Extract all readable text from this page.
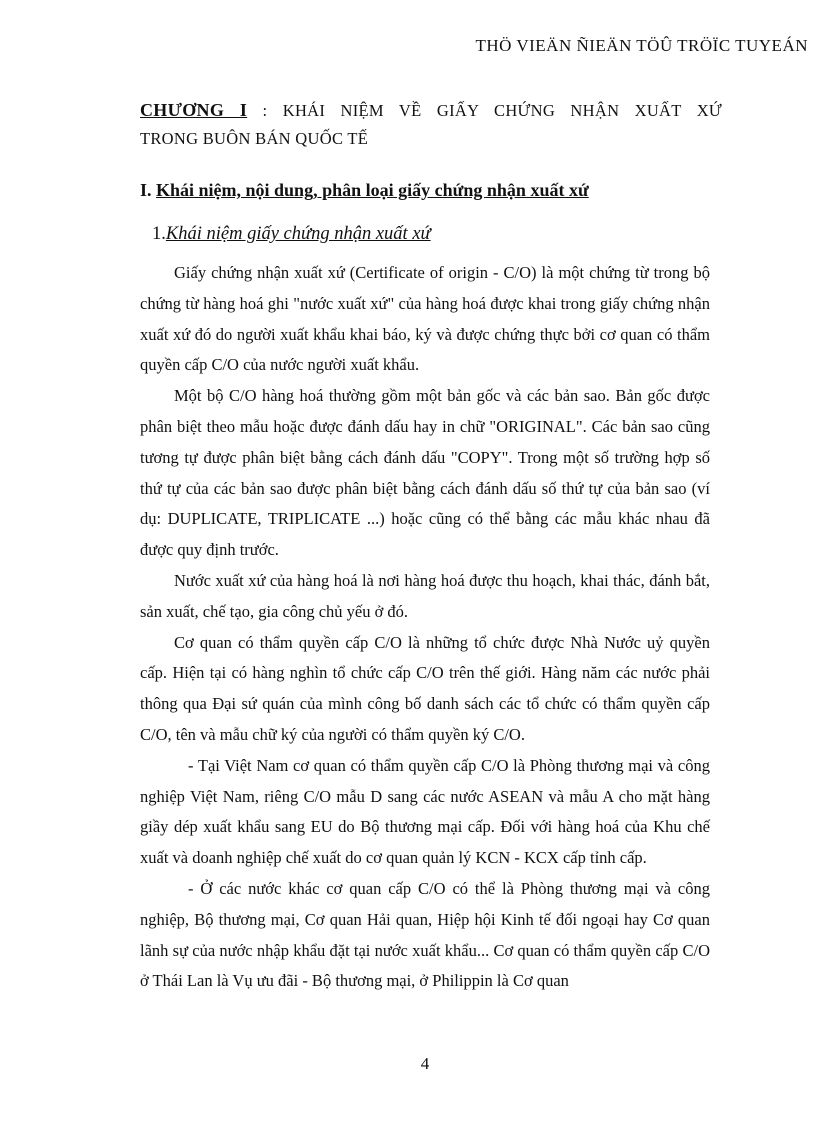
THÖ VIEÄN ÑIEÄN TÖÛ TRÖÏC TUYEÁN
CHƯƠNG I : KHÁI NIỆM VỀ GIẤY CHỨNG NHẬN XUẤT XỨ
TRONG BUÔN BÁN QUỐC TẾ
I. Khái niệm, nội dung, phân loại giấy chứng nhận xuất xứ
1.Khái niệm giấy chứng nhận xuất xứ

Giấy chứng nhận xuất xứ (Certificate of origin - C/O) là một chứng từ trong bộ chứng từ hàng hoá ghi "nước xuất xứ" của hàng hoá được khai trong giấy chứng nhận xuất xứ đó do người xuất khẩu khai báo, ký và được chứng thực bởi cơ quan có thẩm quyền cấp C/O của nước người xuất khẩu.

Một bộ C/O hàng hoá thường gồm một bản gốc và các bản sao. Bản gốc được phân biệt theo mẫu hoặc được đánh dấu hay in chữ "ORIGINAL". Các bản sao cũng tương tự được phân biệt bằng cách đánh dấu "COPY". Trong một số trường hợp số thứ tự của các bản sao được phân biệt bằng cách đánh dấu số thứ tự của bản sao (ví dụ: DUPLICATE, TRIPLICATE ...) hoặc cũng có thể bằng các mẫu khác nhau đã được quy định trước.

Nước xuất xứ của hàng hoá là nơi hàng hoá được thu hoạch, khai thác, đánh bắt, sản xuất, chế tạo, gia công chủ yếu ở đó.

Cơ quan có thẩm quyền cấp C/O là những tổ chức được Nhà Nước uỷ quyền cấp. Hiện tại có hàng nghìn tổ chức cấp C/O trên thế giới. Hàng năm các nước phải thông qua Đại sứ quán của mình công bố danh sách các tổ chức có thẩm quyền cấp C/O, tên và mẫu chữ ký của người có thẩm quyền ký C/O.

- Tại Việt Nam cơ quan có thẩm quyền cấp C/O là Phòng thương mại và công nghiệp Việt Nam, riêng C/O mẫu D sang các nước ASEAN và mẫu A cho mặt hàng giầy dép xuất khẩu sang EU do Bộ thương mại cấp. Đối với hàng hoá của Khu chế xuất và doanh nghiệp chế xuất do cơ quan quản lý KCN - KCX cấp tỉnh cấp.

- Ở các nước khác cơ quan cấp C/O có thể là Phòng thương mại và công nghiệp, Bộ thương mại, Cơ quan Hải quan, Hiệp hội Kinh tế đối ngoại hay Cơ quan lãnh sự của nước nhập khẩu đặt tại nước xuất khẩu... Cơ quan có thẩm quyền cấp C/O ở Thái Lan là Vụ ưu đãi - Bộ thương mại, ở Philippin là Cơ quan

4
